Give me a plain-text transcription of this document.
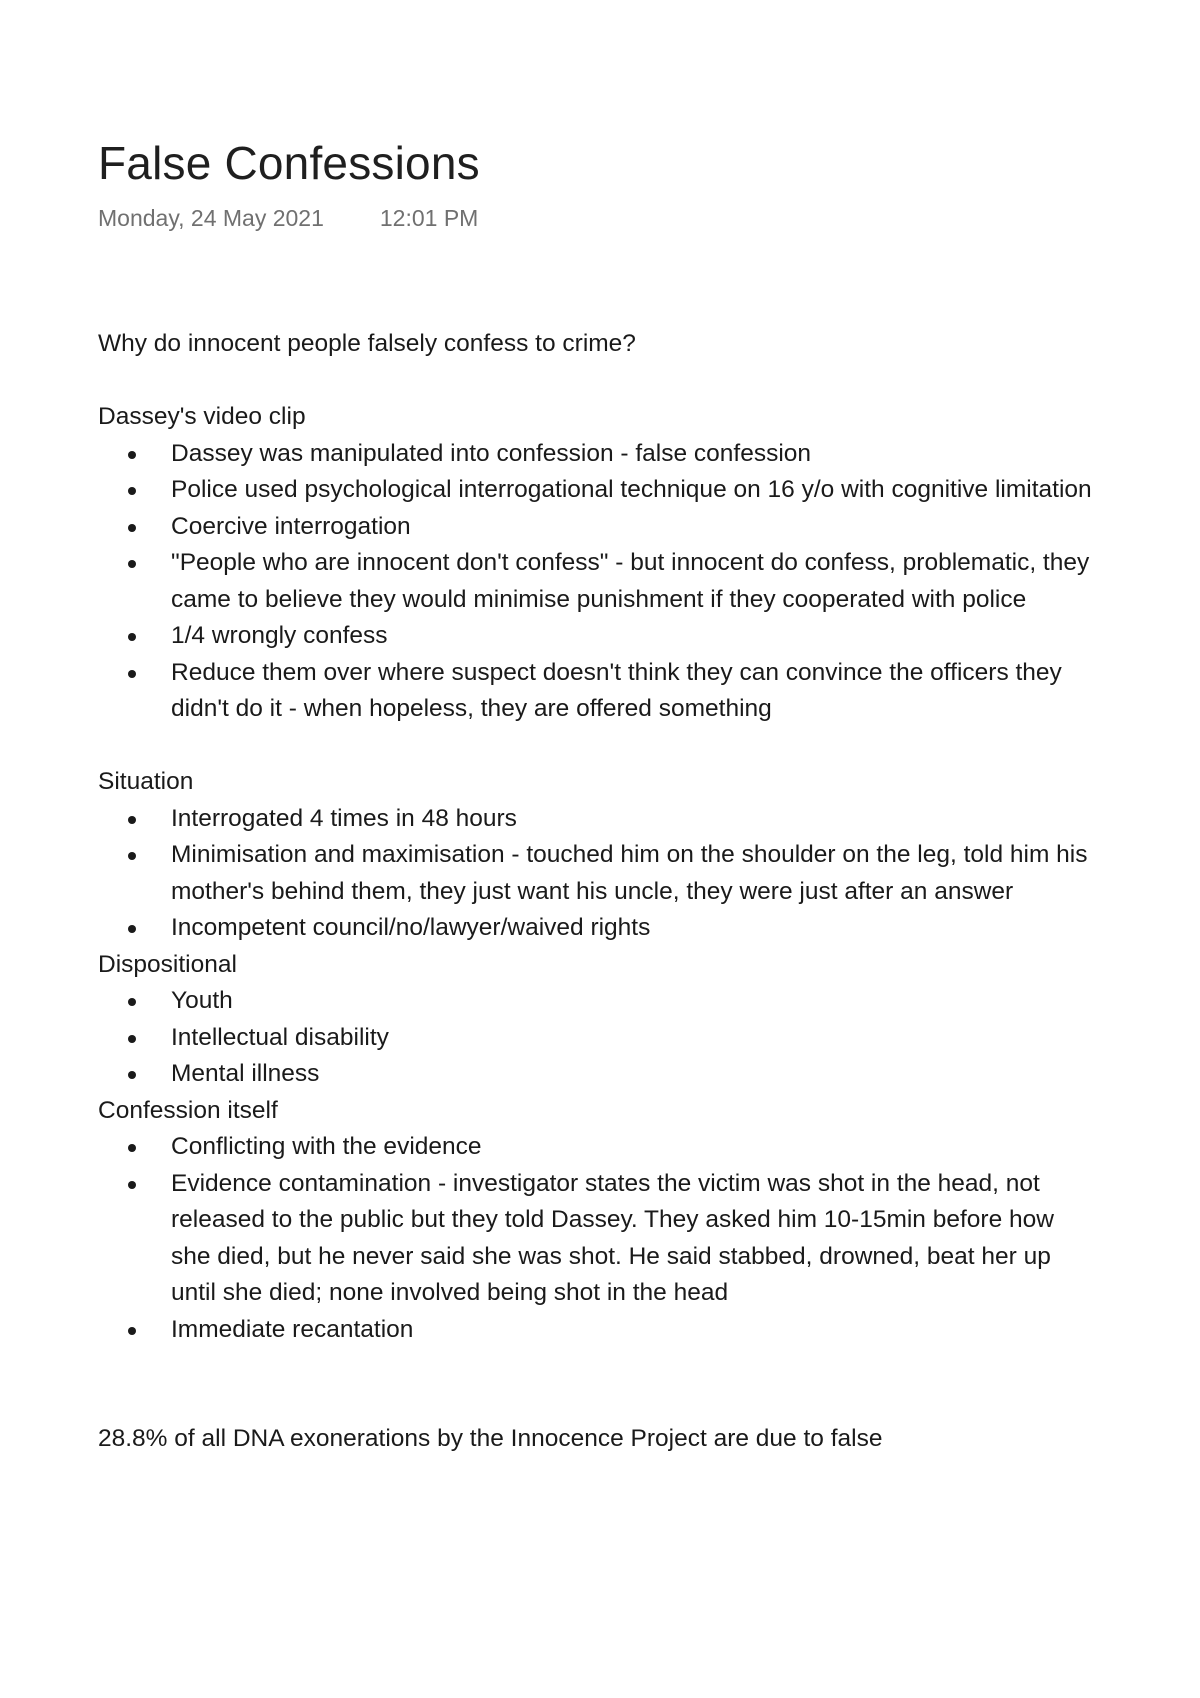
False Confessions
Monday, 24 May 2021 12:01 PM

Why do innocent people falsely confess to crime?

Dassey's video clip

Dassey was manipulated into confession - false confession
Police used psychological interrogational technique on 16 y/o with cognitive limitation
Coercive interrogation
"People who are innocent don't confess" - but innocent do confess, problematic, they came to believe they would minimise punishment if they cooperated with police
1/4 wrongly confess
Reduce them over where suspect doesn't think they can convince the officers they didn't do it - when hopeless, they are offered something

Situation

Interrogated 4 times in 48 hours
Minimisation and maximisation - touched him on the shoulder on the leg, told him his mother's behind them, they just want his uncle, they were just after an answer
Incompetent council/no/lawyer/waived rights

Dispositional

Youth
Intellectual disability
Mental illness

Confession itself

Conflicting with the evidence
Evidence contamination - investigator states the victim was shot in the head, not released to the public but they told Dassey. They asked him 10-15min before how she died, but he never said she was shot. He said stabbed, drowned, beat her up until she died; none involved being shot in the head
Immediate recantation

28.8% of all DNA exonerations by the Innocence Project are due to false
